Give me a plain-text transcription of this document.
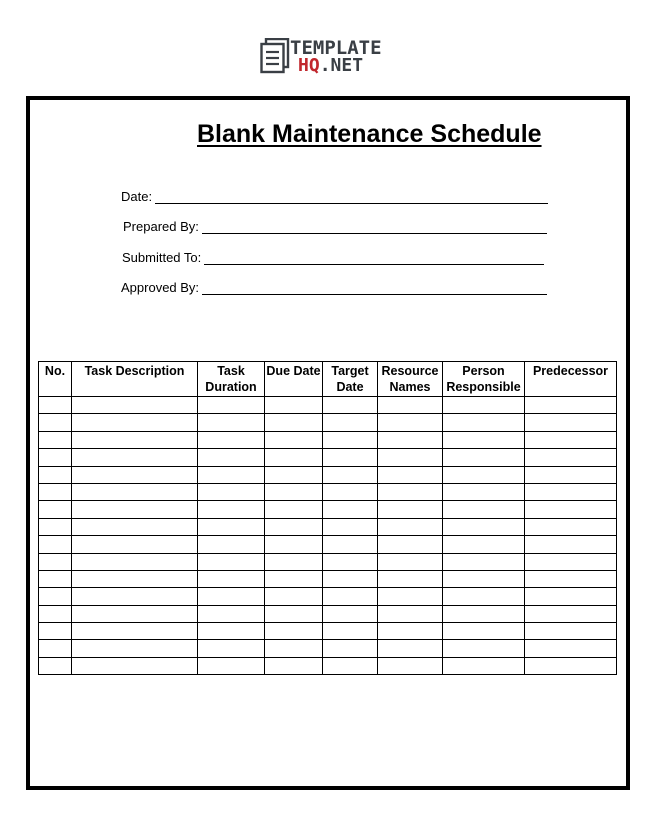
TEMPLATE
HQ.NET
Blank Maintenance Schedule
Date:
Prepared By:
Submitted To:
Approved By:
No.	Task Description	Task Duration	Due Date	Target Date	Resource Names	Person Responsible	Predecessor
